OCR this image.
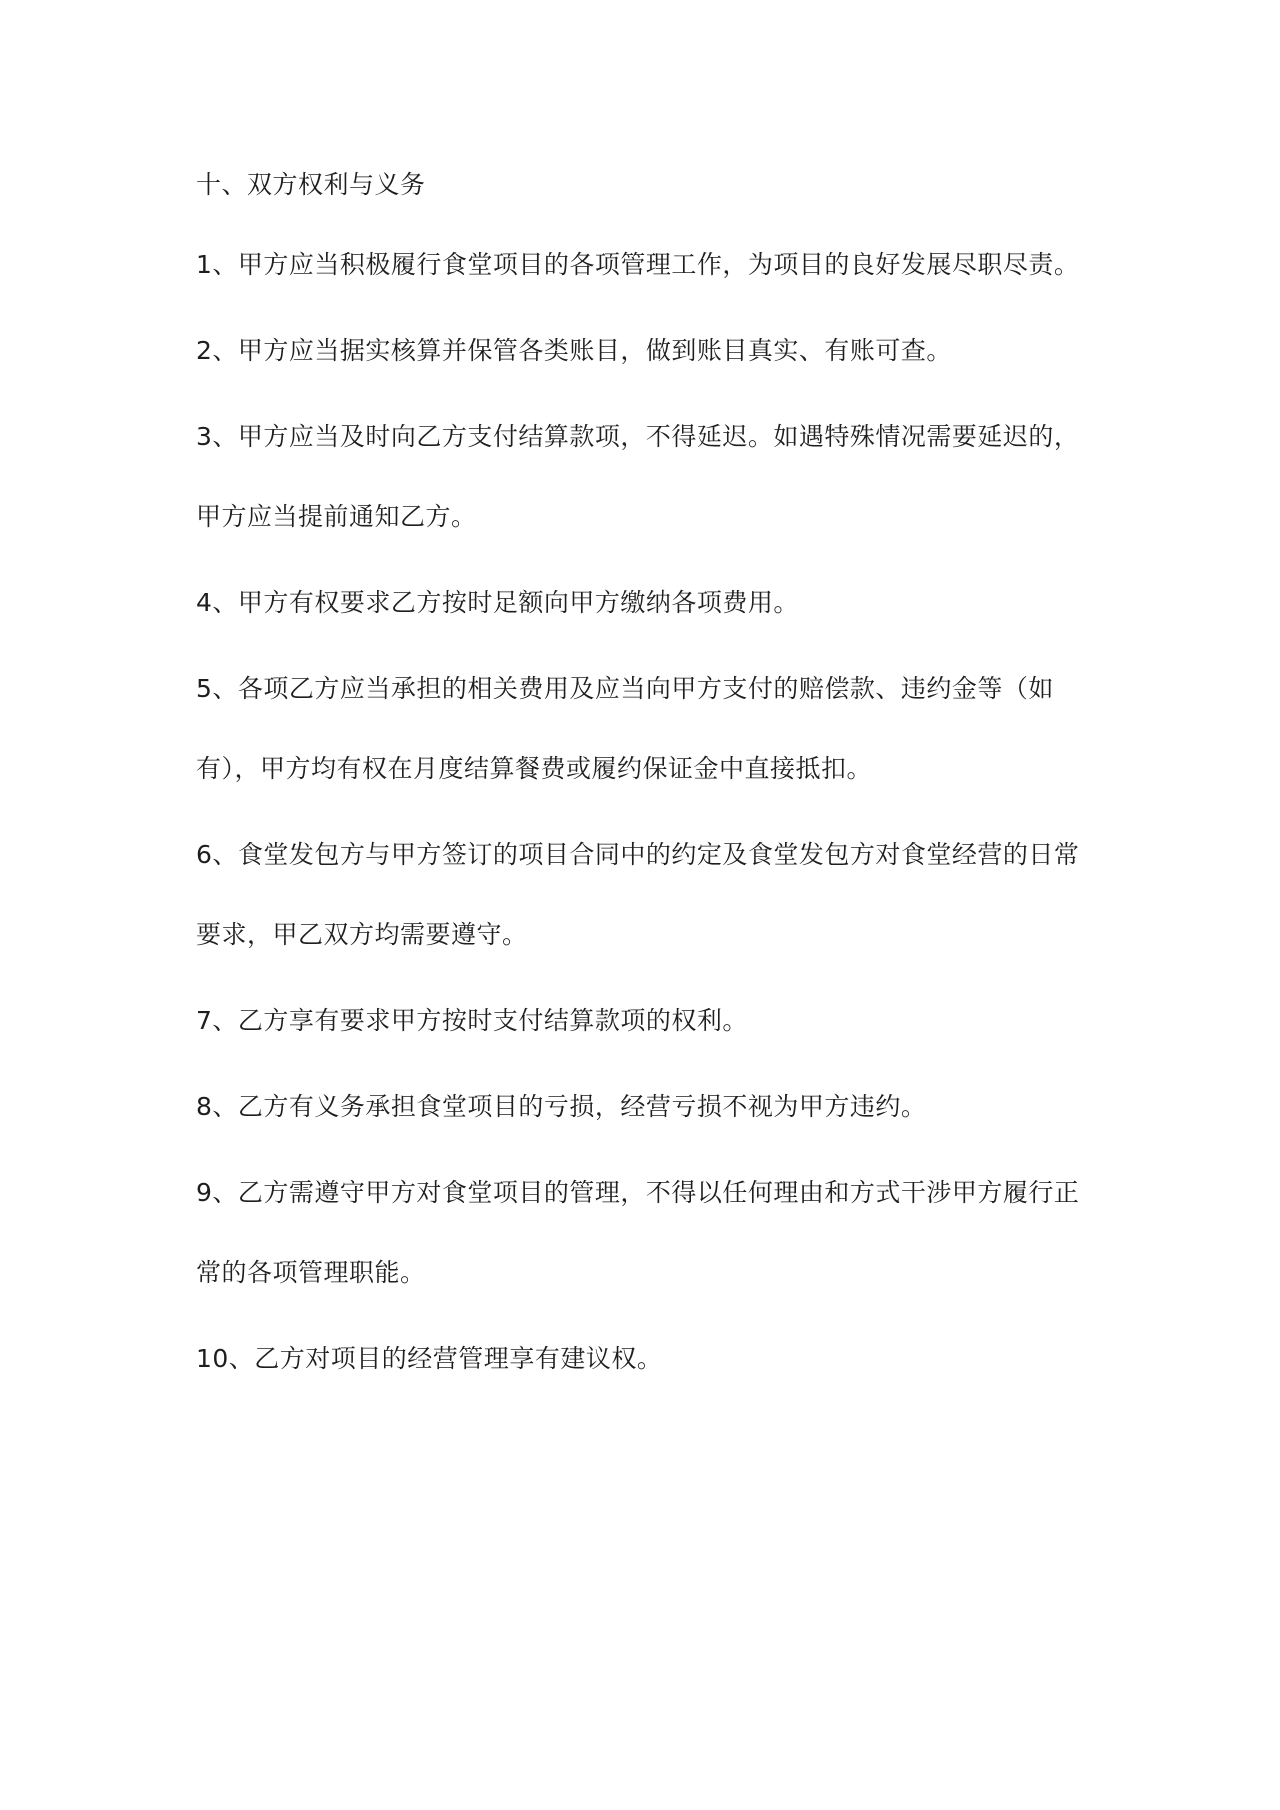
十、双方权利与义务
1、甲方应当积极履行食堂项目的各项管理工作，为项目的良好发展尽职尽责。
2、甲方应当据实核算并保管各类账目，做到账目真实、有账可查。
3、甲方应当及时向乙方支付结算款项，不得延迟。如遇特殊情况需要延迟的，
甲方应当提前通知乙方。
4、甲方有权要求乙方按时足额向甲方缴纳各项费用。
5、各项乙方应当承担的相关费用及应当向甲方支付的赔偿款、违约金等（如
有），甲方均有权在月度结算餐费或履约保证金中直接抵扣。
6、食堂发包方与甲方签订的项目合同中的约定及食堂发包方对食堂经营的日常
要求，甲乙双方均需要遵守。
7、乙方享有要求甲方按时支付结算款项的权利。
8、乙方有义务承担食堂项目的亏损，经营亏损不视为甲方违约。
9、乙方需遵守甲方对食堂项目的管理，不得以任何理由和方式干涉甲方履行正
常的各项管理职能。
10、乙方对项目的经营管理享有建议权。
